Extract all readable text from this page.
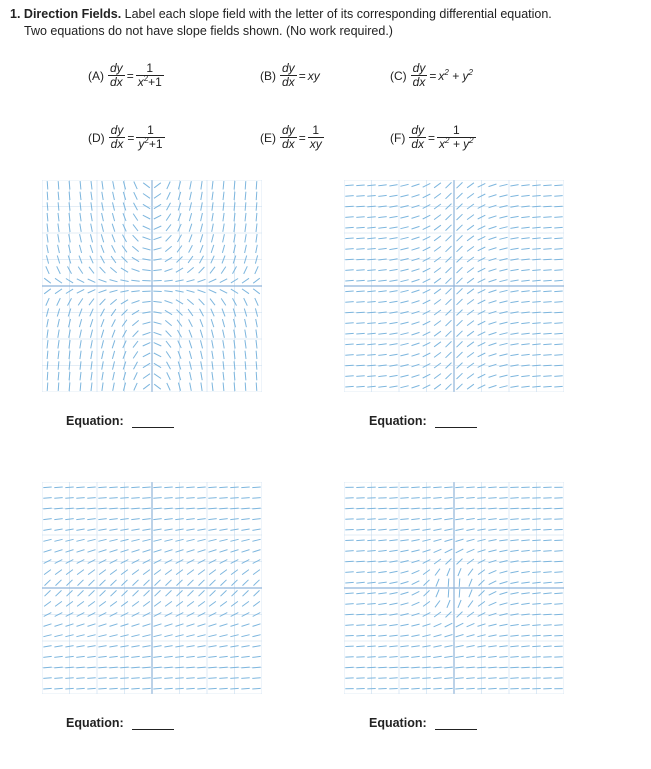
1. Direction Fields. Label each slope field with the letter of its corresponding differential equation.
Two equations do not have slope fields shown. (No work required.)
$(A) \frac{dy}{dx} = \frac{1}{x^2+1}$	$(B) \frac{dy}{dx}$ = xy	$(C) \frac{dy}{dx} = x^2 + y^2$
$(D) \frac{dy}{dx} = \frac{1}{y^2+1}$	$(E) \frac{dy}{dx} = \frac{1}{xy}$	$(F) \frac{dy}{dx} = \frac{1}{x^2 + y^2}$
Equation:	Equation:
Equation:	Equation:
